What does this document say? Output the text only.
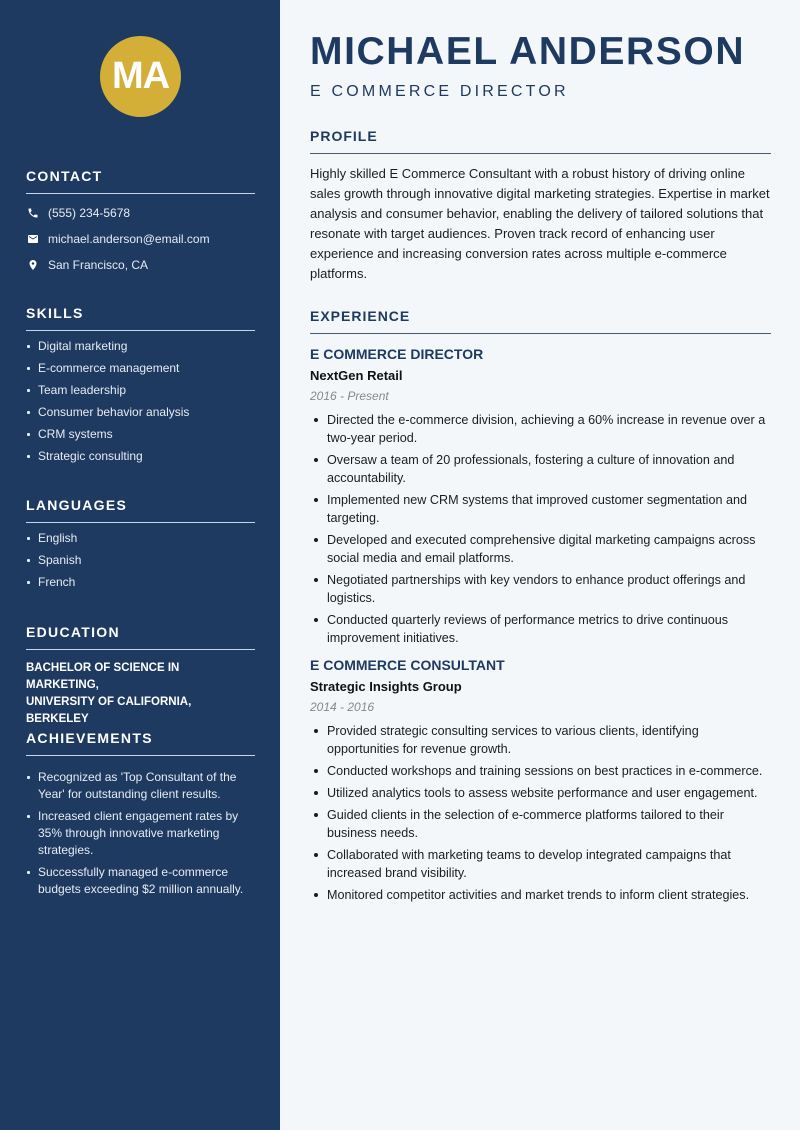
MA
CONTACT
(555) 234-5678
michael.anderson@email.com
San Francisco, CA
SKILLS
Digital marketing
E-commerce management
Team leadership
Consumer behavior analysis
CRM systems
Strategic consulting
LANGUAGES
English
Spanish
French
EDUCATION
BACHELOR OF SCIENCE IN MARKETING,
UNIVERSITY OF CALIFORNIA, BERKELEY
ACHIEVEMENTS
Recognized as 'Top Consultant of the Year' for outstanding client results.
Increased client engagement rates by 35% through innovative marketing strategies.
Successfully managed e-commerce budgets exceeding $2 million annually.
MICHAEL ANDERSON
E COMMERCE DIRECTOR
PROFILE
Highly skilled E Commerce Consultant with a robust history of driving online sales growth through innovative digital marketing strategies. Expertise in market analysis and consumer behavior, enabling the delivery of tailored solutions that resonate with target audiences. Proven track record of enhancing user experience and increasing conversion rates across multiple e-commerce platforms.
EXPERIENCE
E COMMERCE DIRECTOR
NextGen Retail
2016 - Present
Directed the e-commerce division, achieving a 60% increase in revenue over a two-year period.
Oversaw a team of 20 professionals, fostering a culture of innovation and accountability.
Implemented new CRM systems that improved customer segmentation and targeting.
Developed and executed comprehensive digital marketing campaigns across social media and email platforms.
Negotiated partnerships with key vendors to enhance product offerings and logistics.
Conducted quarterly reviews of performance metrics to drive continuous improvement initiatives.
E COMMERCE CONSULTANT
Strategic Insights Group
2014 - 2016
Provided strategic consulting services to various clients, identifying opportunities for revenue growth.
Conducted workshops and training sessions on best practices in e-commerce.
Utilized analytics tools to assess website performance and user engagement.
Guided clients in the selection of e-commerce platforms tailored to their business needs.
Collaborated with marketing teams to develop integrated campaigns that increased brand visibility.
Monitored competitor activities and market trends to inform client strategies.
